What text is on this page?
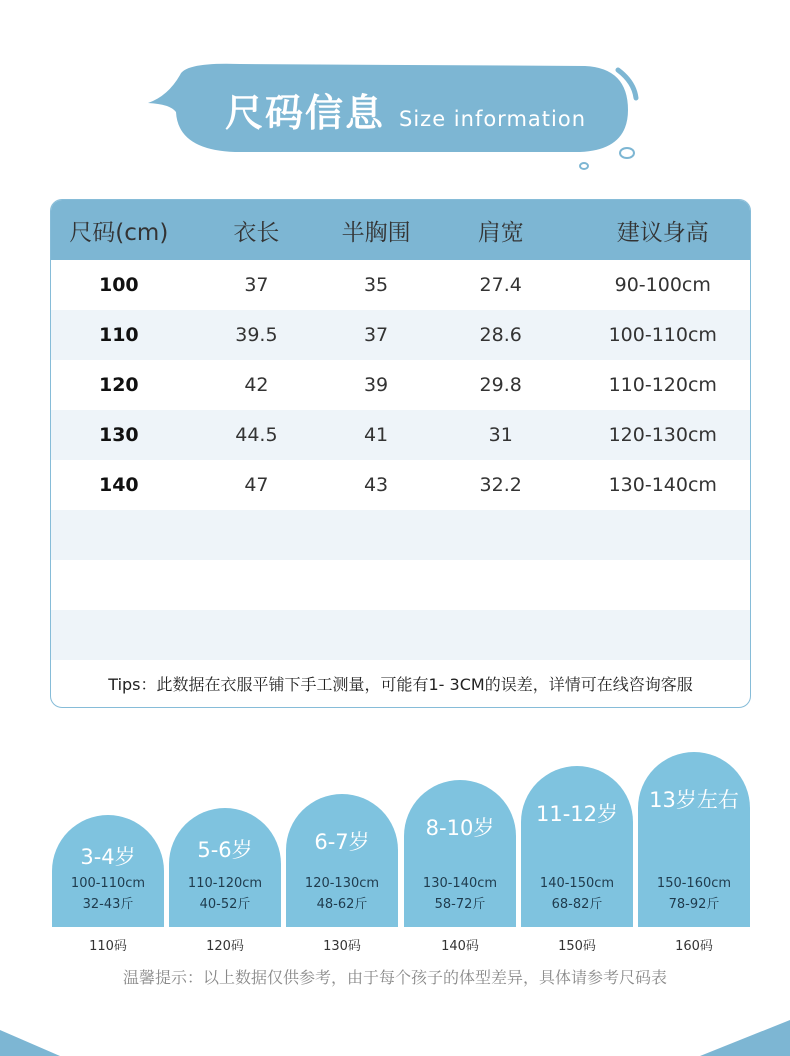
尺码信息 Size information
尺码(cm)	衣长	半胸围	肩宽	建议身高
100	37	35	27.4	90-100cm
110	39.5	37	28.6	100-110cm
120	42	39	29.8	110-120cm
130	44.5	41	31	120-130cm
140	47	43	32.2	130-140cm
Tips：此数据在衣服平铺下手工测量，可能有1- 3CM的误差，详情可在线咨询客服
3-4岁
100-110cm
32-43斤
5-6岁
110-120cm
40-52斤
6-7岁
120-130cm
48-62斤
8-10岁
130-140cm
58-72斤
11-12岁
140-150cm
68-82斤
13岁左右
150-160cm
78-92斤
110码	120码	130码	140码	150码	160码
温馨提示：以上数据仅供参考，由于每个孩子的体型差异，具体请参考尺码表
